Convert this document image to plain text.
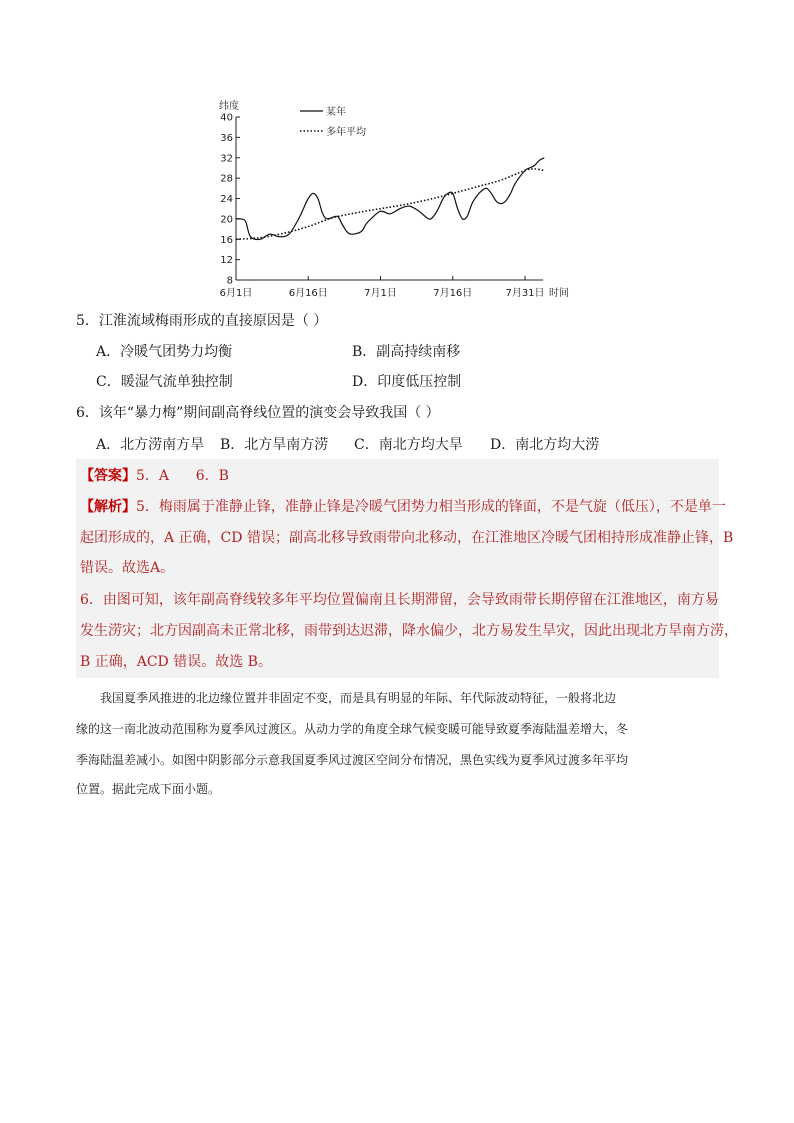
纬度
40
36
32
28
24
20
16
12
8
6月1日	6月16日	7月1日	7月16日	7月31日 时间
某年
多年平均
5．江淮流域梅雨形成的直接原因是（ ）
A．冷暖气团势力均衡	B．副高持续南移
C．暖湿气流单独控制	D．印度低压控制
6．该年“暴力梅”期间副高脊线位置的演变会导致我国（ ）
A．北方涝南方旱 B．北方旱南方涝 C．南北方均大旱 D．南北方均大涝
【答案】5．A      6．B
【解析】5．梅雨属于准静止锋，准静止锋是冷暖气团势力相当形成的锋面，不是气旋（低压），不是单一
起团形成的，A 正确，CD 错误；副高北移导致雨带向北移动，在江淮地区冷暖气团相持形成准静止锋，B
错误。故选A。
6．由图可知，该年副高脊线较多年平均位置偏南且长期滞留，会导致雨带长期停留在江淮地区，南方易
发生涝灾；北方因副高未正常北移，雨带到达迟滞，降水偏少，北方易发生旱灾，因此出现北方旱南方涝，
B 正确，ACD 错误。故选 B。
　　我国夏季风推进的北边缘位置并非固定不变，而是具有明显的年际、年代际波动特征，一般将北边
缘的这一南北波动范围称为夏季风过渡区。从动力学的角度全球气候变暖可能导致夏季海陆温差增大，冬
季海陆温差减小。如图中阴影部分示意我国夏季风过渡区空间分布情况，黑色实线为夏季风过渡多年平均
位置。据此完成下面小题。
